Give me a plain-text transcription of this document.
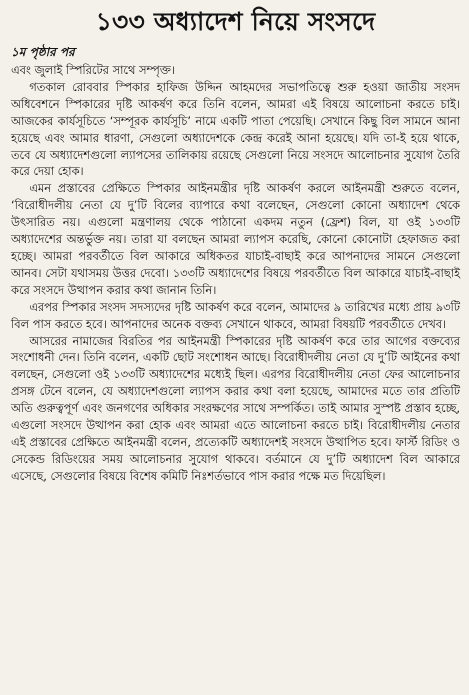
১৩৩ অধ্যাদেশ নিয়ে সংসদে
১ম পৃষ্ঠার পর

এবং জুলাই স্পিরিটের সাথে সম্পৃক্ত।

গতকাল রোববার স্পিকার হাফিজ উদ্দিন আহমদের সভাপতিত্বে শুরু হওয়া জাতীয় সংসদ অধিবেশনে স্পিকারের দৃষ্টি আকর্ষণ করে তিনি বলেন, আমরা এই বিষয়ে আলোচনা করতে চাই। আজকের কার্যসূচিতে ‘সম্পূরক কার্যসূচি’ নামে একটি পাতা পেয়েছি। সেখানে কিছু বিল সামনে আনা হয়েছে এবং আমার ধারণা, সেগুলো অধ্যাদেশকে কেন্দ্র করেই আনা হয়েছে। যদি তা-ই হয়ে থাকে, তবে যে অধ্যাদেশগুলো ল্যাপসের তালিকায় রয়েছে সেগুলো নিয়ে সংসদে আলোচনার সুযোগ তৈরি করে দেয়া হোক।

এমন প্রস্তাবের প্রেক্ষিতে স্পিকার আইনমন্ত্রীর দৃষ্টি আকর্ষণ করলে আইনমন্ত্রী শুরুতে বলেন, ‘বিরোধীদলীয় নেতা যে দু’টি বিলের ব্যাপারে কথা বলেছেন, সেগুলো কোনো অধ্যাদেশ থেকে উৎসারিত নয়। এগুলো মন্ত্রণালয় থেকে পাঠানো একদম নতুন (ফ্রেশ) বিল, যা ওই ১৩৩টি অধ্যাদেশের অন্তর্ভুক্ত নয়। তারা যা বলছেন আমরা ল্যাপস করেছি, কোনো কোনোটা হেফাজত করা হচ্ছে। আমরা পরবর্তীতে বিল আকারে অধিকতর যাচাই-বাছাই করে আপনাদের সামনে সেগুলো আনব। সেটা যথাসময় উত্তর দেবো। ১৩৩টি অধ্যাদেশের বিষয়ে পরবর্তীতে বিল আকারে যাচাই-বাছাই করে সংসদে উত্থাপন করার কথা জানান তিনি।

এরপর স্পিকার সংসদ সদস্যদের দৃষ্টি আকর্ষণ করে বলেন, আমাদের ৯ তারিখের মধ্যে প্রায় ৯৩টি বিল পাস করতে হবে। আপনাদের অনেক বক্তব্য সেখানে থাকবে, আমরা বিষয়টি পরবর্তীতে দেখব।

আসরের নামাজের বিরতির পর আইনমন্ত্রী স্পিকারের দৃষ্টি আকর্ষণ করে তার আগের বক্তব্যের সংশোধনী দেন। তিনি বলেন, একটি ছোট সংশোধন আছে। বিরোধীদলীয় নেতা যে দু’টি আইনের কথা বলছেন, সেগুলো ওই ১৩৩টি অধ্যাদেশের মধ্যেই ছিল। এরপর বিরোধীদলীয় নেতা ফের আলোচনার প্রসঙ্গ টেনে বলেন, যে অধ্যাদেশগুলো ল্যাপস করার কথা বলা হয়েছে, আমাদের মতে তার প্রতিটি অতি গুরুত্বপূর্ণ এবং জনগণের অধিকার সংরক্ষণের সাথে সম্পর্কিত। তাই আমার সুস্পষ্ট প্রস্তাব হচ্ছে, এগুলো সংসদে উত্থাপন করা হোক এবং আমরা এতে আলোচনা করতে চাই। বিরোধীদলীয় নেতার এই প্রস্তাবের প্রেক্ষিতে আইনমন্ত্রী বলেন, প্রত্যেকটি অধ্যাদেশই সংসদে উত্থাপিত হবে। ফার্স্ট রিডিং ও সেকেন্ড রিডিংয়ের সময় আলোচনার সুযোগ থাকবে। বর্তমানে যে দু’টি অধ্যাদেশ বিল আকারে এসেছে, সেগুলোর বিষয়ে বিশেষ কমিটি নিঃশর্তভাবে পাস করার পক্ষে মত দিয়েছিল।
